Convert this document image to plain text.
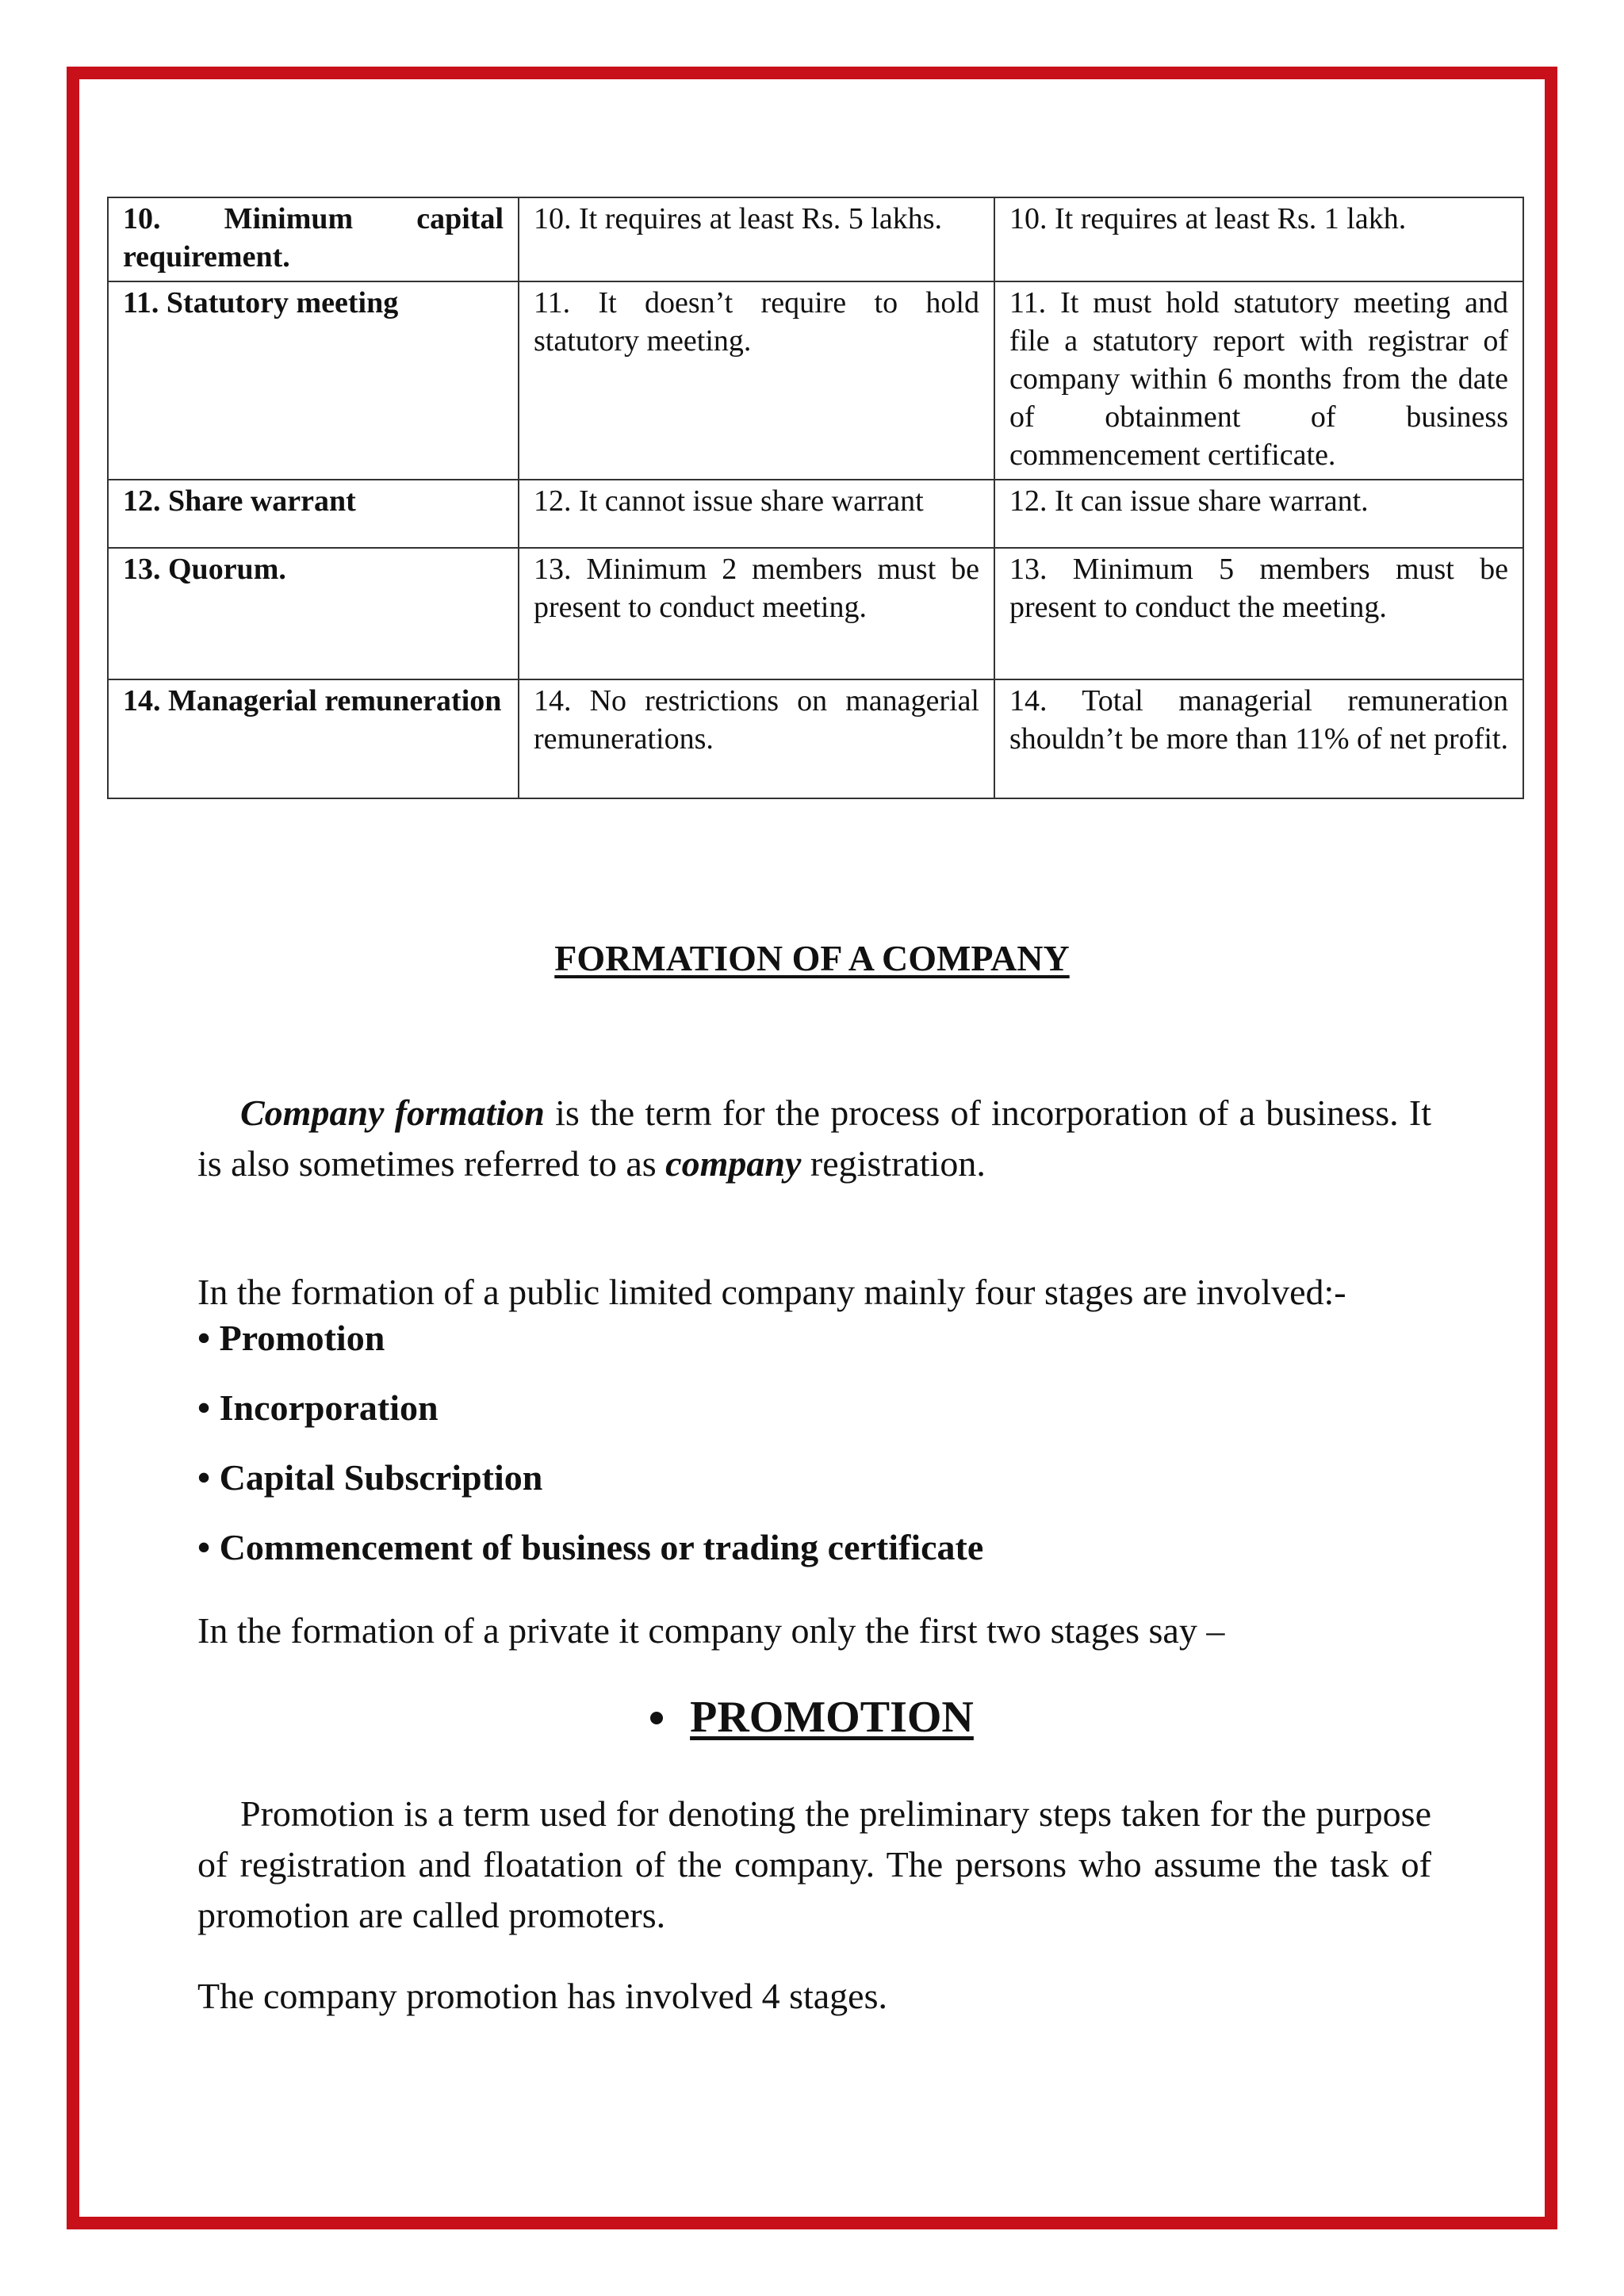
10. Minimum capital requirement.	10. It requires at least Rs. 5 lakhs.	10. It requires at least Rs. 1 lakh.
11. Statutory meeting	11. It doesn’t require to hold statutory meeting.	11. It must hold statutory meeting and file a statutory report with registrar of company within 6 months from the date of obtainment of business commencement certificate.
12. Share warrant	12. It cannot issue share warrant	12. It can issue share warrant.
13. Quorum.	13. Minimum 2 members must be present to conduct meeting.	13. Minimum 5 members must be present to conduct the meeting.
14. Managerial remuneration	14. No restrictions on managerial remunerations.	14. Total managerial remuneration shouldn’t be more than 11% of net profit.
FORMATION OF A COMPANY

Company formation is the term for the process of incorporation of a business. It is also sometimes referred to as company registration.

In the formation of a public limited company mainly four stages are involved:-

• Promotion
• Incorporation
• Capital Subscription
• Commencement of business or trading certificate

In the formation of a private it company only the first two stages say –

PROMOTION

Promotion is a term used for denoting the preliminary steps taken for the purpose of registration and floatation of the company. The persons who assume the task of promotion are called promoters.

The company promotion has involved 4 stages.
